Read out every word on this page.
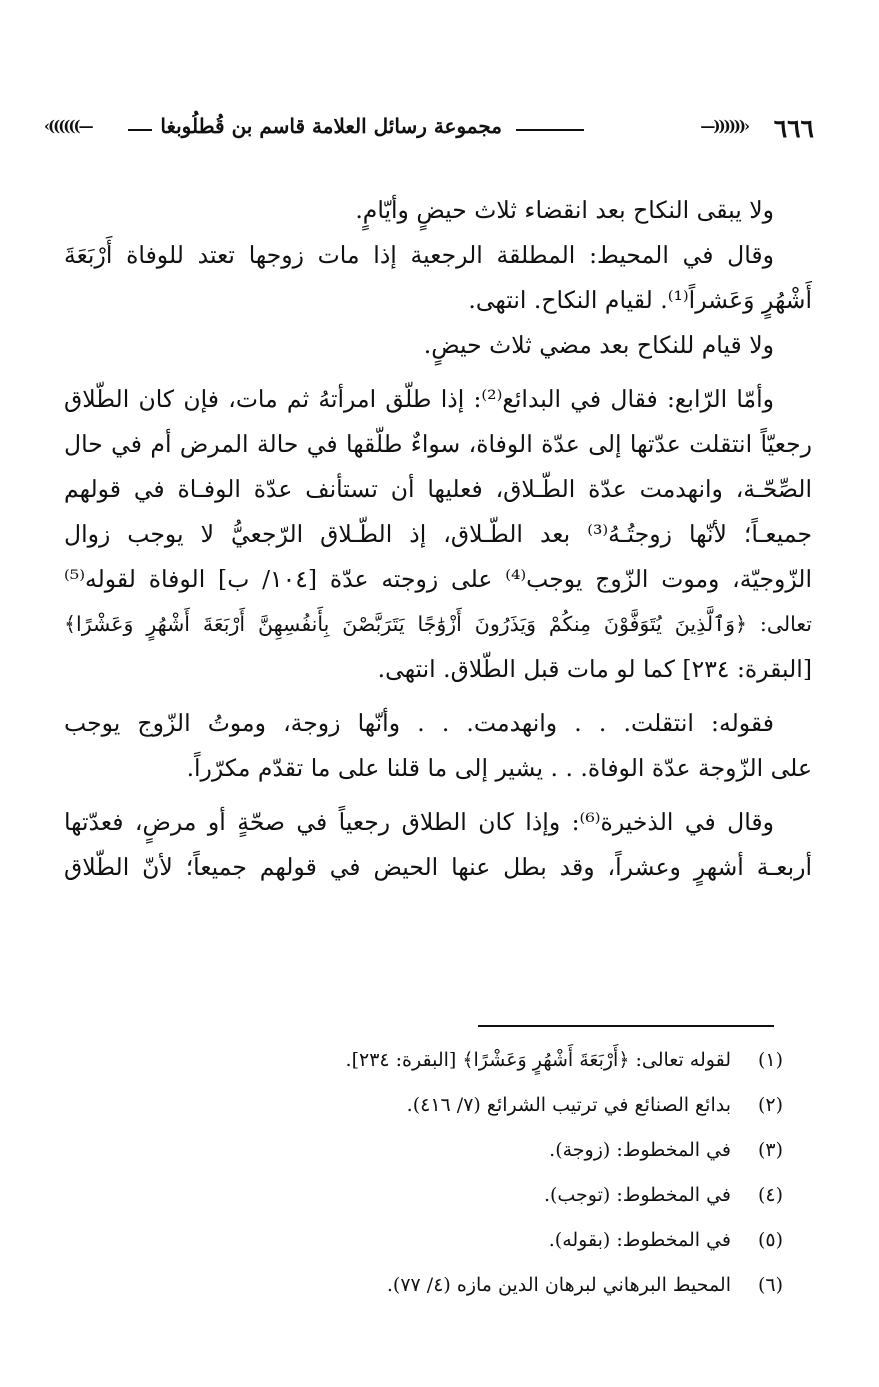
٦٦٦
‹((((((—
مجموعة رسائل العلامة قاسم بن قُطلُوبغا
—))))))›
ولا يبقى النكاح بعد انقضاء ثلاث حيضٍ وأيّامٍ.
وقال في المحيط: المطلقة الرجعية إذا مات زوجها تعتد للوفاة أَرْبَعَةَ
أَشْهُرٍ وَعَشراً⁽¹⁾. لقيام النكاح. انتهى.
ولا قيام للنكاح بعد مضي ثلاث حيضٍ.
وأمّا الرّابع: فقال في البدائع⁽²⁾: إذا طلّق امرأتهُ ثم مات، فإن كان الطّلاق
رجعيّاً انتقلت عدّتها إلى عدّة الوفاة، سواءٌ طلّقها في حالة المرض أم في حال
الصِّحّـة، وانهدمت عدّة الطّـلاق، فعليها أن تستأنف عدّة الوفـاة في قولهم
جميعـاً؛ لأنّها زوجتُـهُ⁽³⁾ بعد الطّـلاق، إذ الطّـلاق الرّجعيُّ لا يوجب زوال
الزّوجيّة، وموت الزّوج يوجب⁽⁴⁾ على زوجته عدّة [١٠٤/ ب] الوفاة لقوله⁽⁵⁾
تعالى: ﴿وَٱلَّذِينَ يُتَوَفَّوْنَ مِنكُمْ وَيَذَرُونَ أَزْوَٰجًا يَتَرَبَّصْنَ بِأَنفُسِهِنَّ أَرْبَعَةَ أَشْهُرٍ وَعَشْرًا﴾
[البقرة: ٢٣٤] كما لو مات قبل الطّلاق. انتهى.
فقوله: انتقلت. . . وانهدمت. . . وأنّها زوجة، وموتُ الزّوج يوجب
على الزّوجة عدّة الوفاة. . . يشير إلى ما قلنا على ما تقدّم مكرّراً.
وقال في الذخيرة⁽⁶⁾: وإذا كان الطلاق رجعياً في صحّةٍ أو مرضٍ، فعدّتها
أربعـة أشهرٍ وعشراً، وقد بطل عنها الحيض في قولهم جميعاً؛ لأنّ الطّلاق
(١)لقوله تعالى: ﴿أَرْبَعَةَ أَشْهُرٍ وَعَشْرًا﴾ [البقرة: ٢٣٤].
(٢)بدائع الصنائع في ترتيب الشرائع (٧/ ٤١٦).
(٣)في المخطوط: (زوجة).
(٤)في المخطوط: (توجب).
(٥)في المخطوط: (بقوله).
(٦)المحيط البرهاني لبرهان الدين مازه (٤/ ٧٧).
